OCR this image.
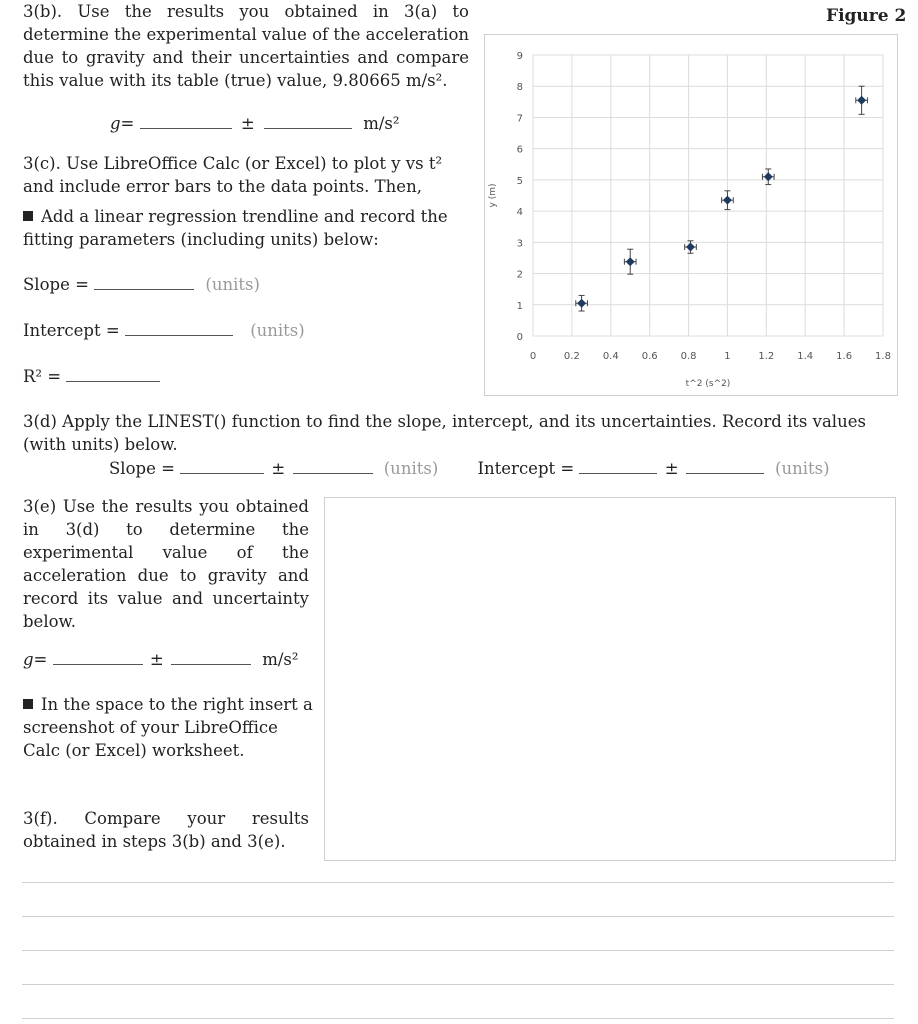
3(b). Use the results you obtained in 3(a) to determine the experimental value of the acceleration due to gravity and their uncertainties and compare this value with its table (true) value, 9.80665 m/s².
g=	±	m/s²
3(c). Use LibreOffice Calc (or Excel) to plot y vs t² and include error bars to the data points. Then,
Add a linear regression trendline and record the fitting parameters (including units) below:
Slope =	(units)
Intercept =	(units)
R² =
Figure 2
0
1
2
3
4
5
6
7
8
9
0	0.2 0.4 0.6 0.8	1	1.2 1.4 1.6 1.8
t^2 (s^2)
y (m)
3(d) Apply the LINEST() function to find the slope, intercept, and its uncertainties. Record its values (with units) below.
Slope =	±	(units) Intercept =	±	(units)
3(e) Use the results you obtained in 3(d) to determine the experimental value of the acceleration due to gravity and record its value and uncertainty below.
g=	±	m/s²
In the space to the right insert a screenshot of your LibreOffice Calc (or Excel) worksheet.
3(f). Compare your results obtained in steps 3(b) and 3(e).
